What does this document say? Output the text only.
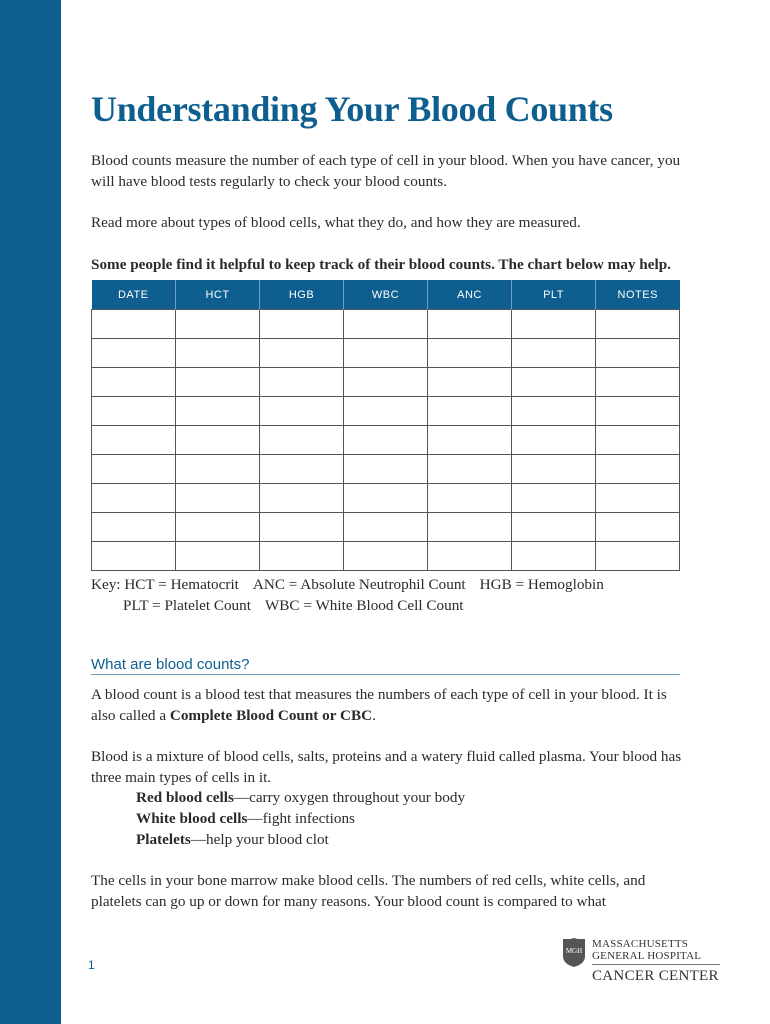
Understanding Your Blood Counts

Blood counts measure the number of each type of cell in your blood. When you have cancer, you will have blood tests regularly to check your blood counts.

Read more about types of blood cells, what they do, and how they are measured.

Some people find it helpful to keep track of their blood counts. The chart below may help.

DATE	HCT	HGB	WBC	ANC	PLT	NOTES

Key: HCT = Hematocrit ANC = Absolute Neutrophil Count HGB = Hemoglobin

PLT = Platelet Count WBC = White Blood Cell Count

What are blood counts?

A blood count is a blood test that measures the numbers of each type of cell in your blood. It is also called a Complete Blood Count or CBC.

Blood is a mixture of blood cells, salts, proteins and a watery fluid called plasma. Your blood has three main types of cells in it.

Red blood cells—carry oxygen throughout your body

White blood cells—fight infections

Platelets—help your blood clot

The cells in your bone marrow make blood cells. The numbers of red cells, white cells, and platelets can go up or down for many reasons. Your blood count is compared to what

1
MGH
MASSACHUSETTS
GENERAL HOSPITAL
CANCER CENTER
